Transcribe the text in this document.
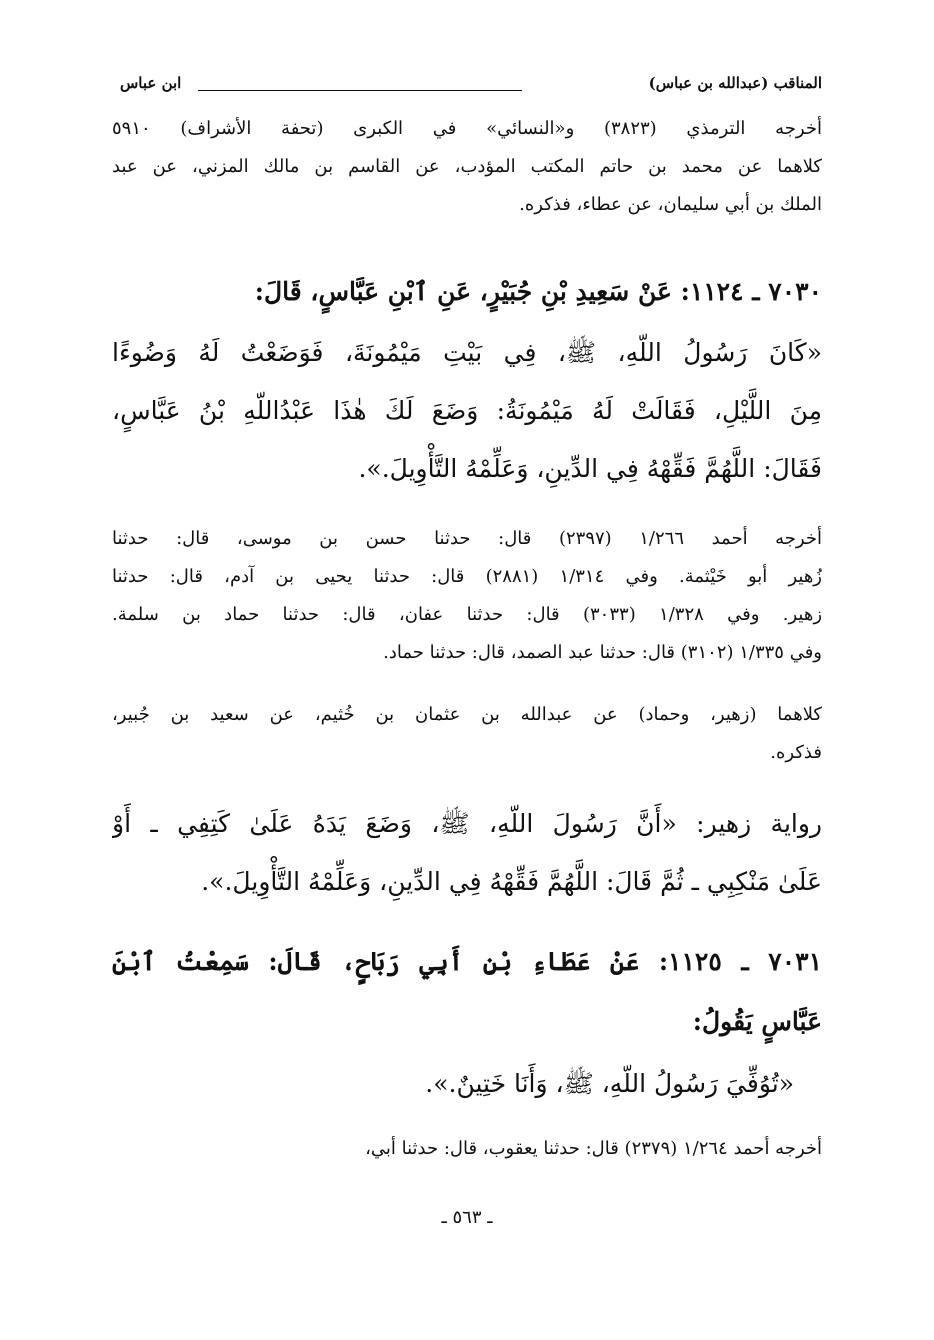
المناقب (عبدالله بن عباس)
ابن عباس
أخرجه الترمذي (٣٨٢٣) و«النسائي» في الكبرى (تحفة الأشراف) ٥٩١٠
كلاهما عن محمد بن حاتم المكتب المؤدب، عن القاسم بن مالك المزني، عن عبد
الملك بن أبي سليمان، عن عطاء، فذكره.
٧٠٣٠ ـ ١١٢٤: عَنْ سَعِيدِ بْنِ جُبَيْرٍ، عَنِ ٱبْنِ عَبَّاسٍ، قَالَ:
«كَانَ رَسُولُ اللّهِ، ﷺ، فِي بَيْتِ مَيْمُونَةَ، فَوَضَعْتُ لَهُ وَضُوءًا
مِنَ اللَّيْلِ، فَقَالَتْ لَهُ مَيْمُونَةُ: وَضَعَ لَكَ هٰذَا عَبْدُاللّهِ بْنُ عَبَّاسٍ،
فَقَالَ: اللَّهُمَّ فَقِّهْهُ فِي الدِّينِ، وَعَلِّمْهُ التَّأْوِيلَ.».
أخرجه أحمد ١/٢٦٦ (٢٣٩٧) قال: حدثنا حسن بن موسى، قال: حدثنا
زُهير أبو خَيْثمة. وفي ١/٣١٤ (٢٨٨١) قال: حدثنا يحيى بن آدم، قال: حدثنا
زهير. وفي ١/٣٢٨ (٣٠٣٣) قال: حدثنا عفان، قال: حدثنا حماد بن سلمة.
وفي ١/٣٣٥ (٣١٠٢) قال: حدثنا عبد الصمد، قال: حدثنا حماد.
كلاهما (زهير، وحماد) عن عبدالله بن عثمان بن خُثيم، عن سعيد بن جُبير،
فذكره.
رواية زهير: «أَنَّ رَسُولَ اللّهِ، ﷺ، وَضَعَ يَدَهُ عَلَىٰ كَتِفِي ـ أَوْ
عَلَىٰ مَنْكِبِي ـ ثُمَّ قَالَ: اللَّهُمَّ فَقِّهْهُ فِي الدِّينِ، وَعَلِّمْهُ التَّأْوِيلَ.».
٧٠٣١ ـ ١١٢٥: عَنْ عَطَاءِ بْنِ أَبِي رَبَاحٍ، قَالَ: سَمِعْتُ ٱبْنَ
عَبَّاسٍ يَقُولُ:
«تُوُفِّيَ رَسُولُ اللّهِ، ﷺ، وَأَنَا خَتِينٌ.».
أخرجه أحمد ١/٢٦٤ (٢٣٧٩) قال: حدثنا يعقوب، قال: حدثنا أبي،
ـ ٥٦٣ ـ
